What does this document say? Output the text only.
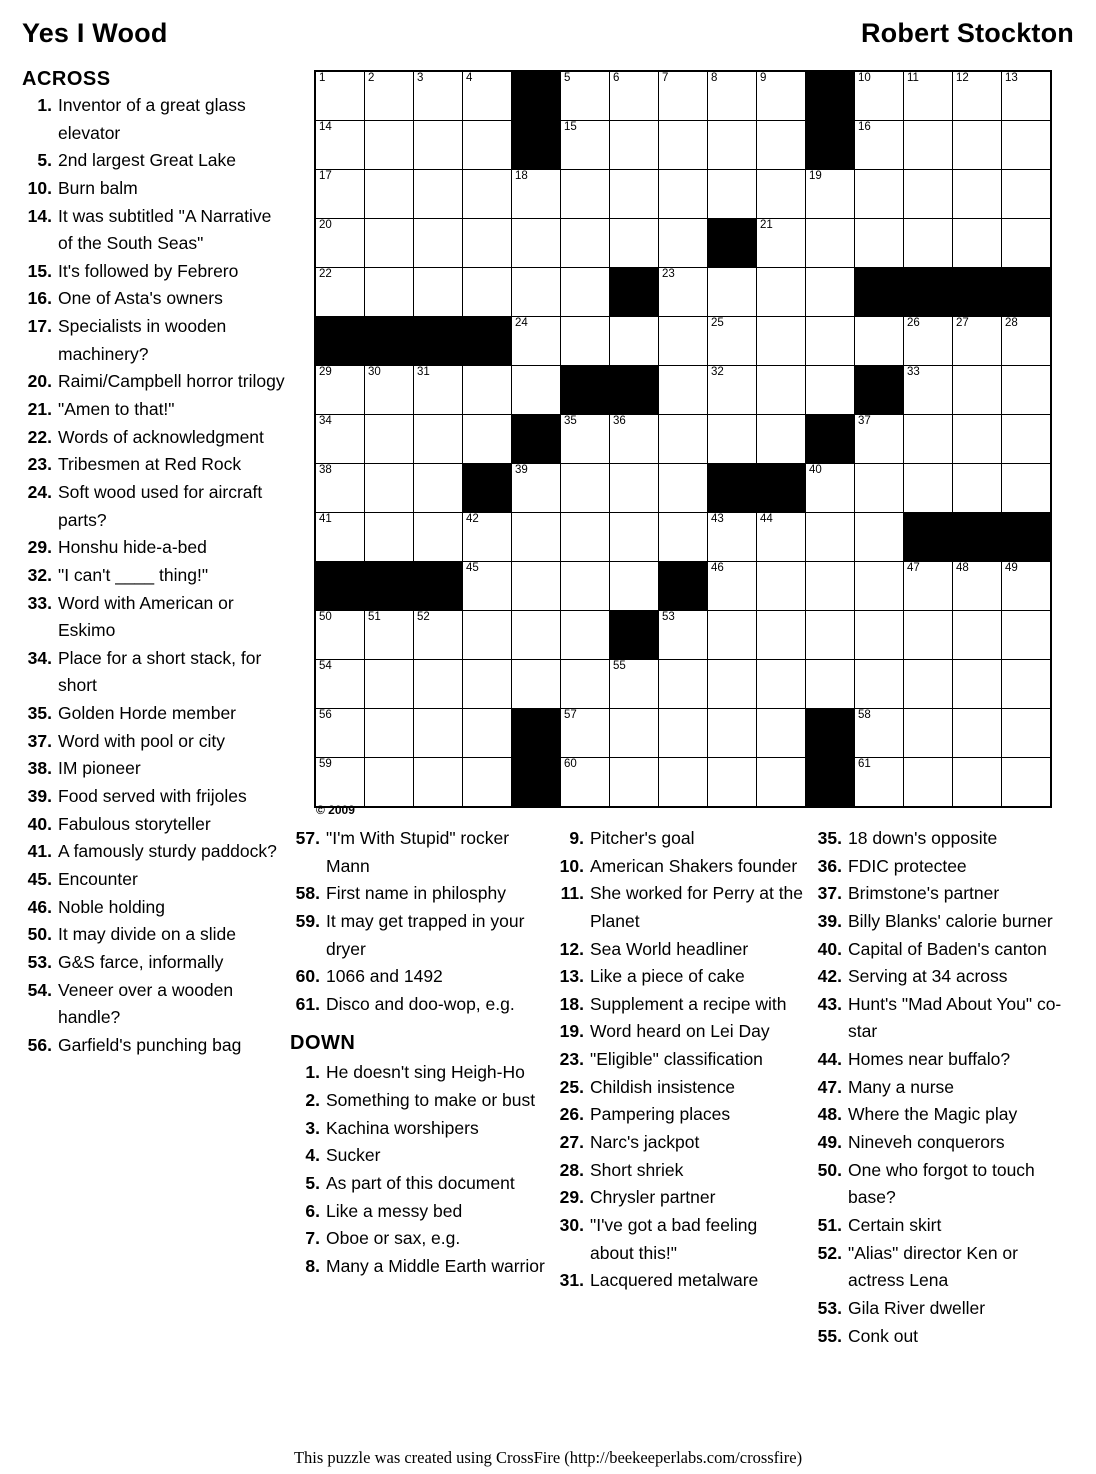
Yes I Wood	Robert Stockton
ACROSS
1. Inventor of a great glass elevator
5. 2nd largest Great Lake
10. Burn balm
14. It was subtitled "A Narrative of the South Seas"
15. It's followed by Febrero
16. One of Asta's owners
17. Specialists in wooden machinery?
20. Raimi/Campbell horror trilogy
21. "Amen to that!"
22. Words of acknowledgment
23. Tribesmen at Red Rock
24. Soft wood used for aircraft parts?
29. Honshu hide-a-bed
32. "I can't ____ thing!"
33. Word with American or Eskimo
34. Place for a short stack, for short
35. Golden Horde member
37. Word with pool or city
38. IM pioneer
39. Food served with frijoles
40. Fabulous storyteller
41. A famously sturdy paddock?
45. Encounter
46. Noble holding
50. It may divide on a slide
53. G&S farce, informally
54. Veneer over a wooden handle?
56. Garfield's punching bag
1	2	3	4		5	6	7	8	9		10	11	12	13

14					15						16			

17				18						19				

20									21					

22							23							

				24				25				26	27	28

29	30	31						32				33		

34					35	36					37			

38				39						40				

41			42					43	44					

			45					46				47	48	49

50	51	52					53							

54						55								

56					57						58			

59					60						61			

© 2009
57. "I'm With Stupid" rocker Mann
58. First name in philosphy
59. It may get trapped in your dryer
60. 1066 and 1492
61. Disco and doo-wop, e.g.
DOWN
1. He doesn't sing Heigh-Ho
2. Something to make or bust
3. Kachina worshipers
4. Sucker
5. As part of this document
6. Like a messy bed
7. Oboe or sax, e.g.
8. Many a Middle Earth warrior
9. Pitcher's goal
10. American Shakers founder
11. She worked for Perry at the Planet
12. Sea World headliner
13. Like a piece of cake
18. Supplement a recipe with
19. Word heard on Lei Day
23. "Eligible" classification
25. Childish insistence
26. Pampering places
27. Narc's jackpot
28. Short shriek
29. Chrysler partner
30. "I've got a bad feeling about this!"
31. Lacquered metalware
35. 18 down's opposite
36. FDIC protectee
37. Brimstone's partner
39. Billy Blanks' calorie burner
40. Capital of Baden's canton
42. Serving at 34 across
43. Hunt's "Mad About You" co-star
44. Homes near buffalo?
47. Many a nurse
48. Where the Magic play
49. Nineveh conquerors
50. One who forgot to touch base?
51. Certain skirt
52. "Alias" director Ken or actress Lena
53. Gila River dweller
55. Conk out
This puzzle was created using CrossFire (http://beekeeperlabs.com/crossfire)
